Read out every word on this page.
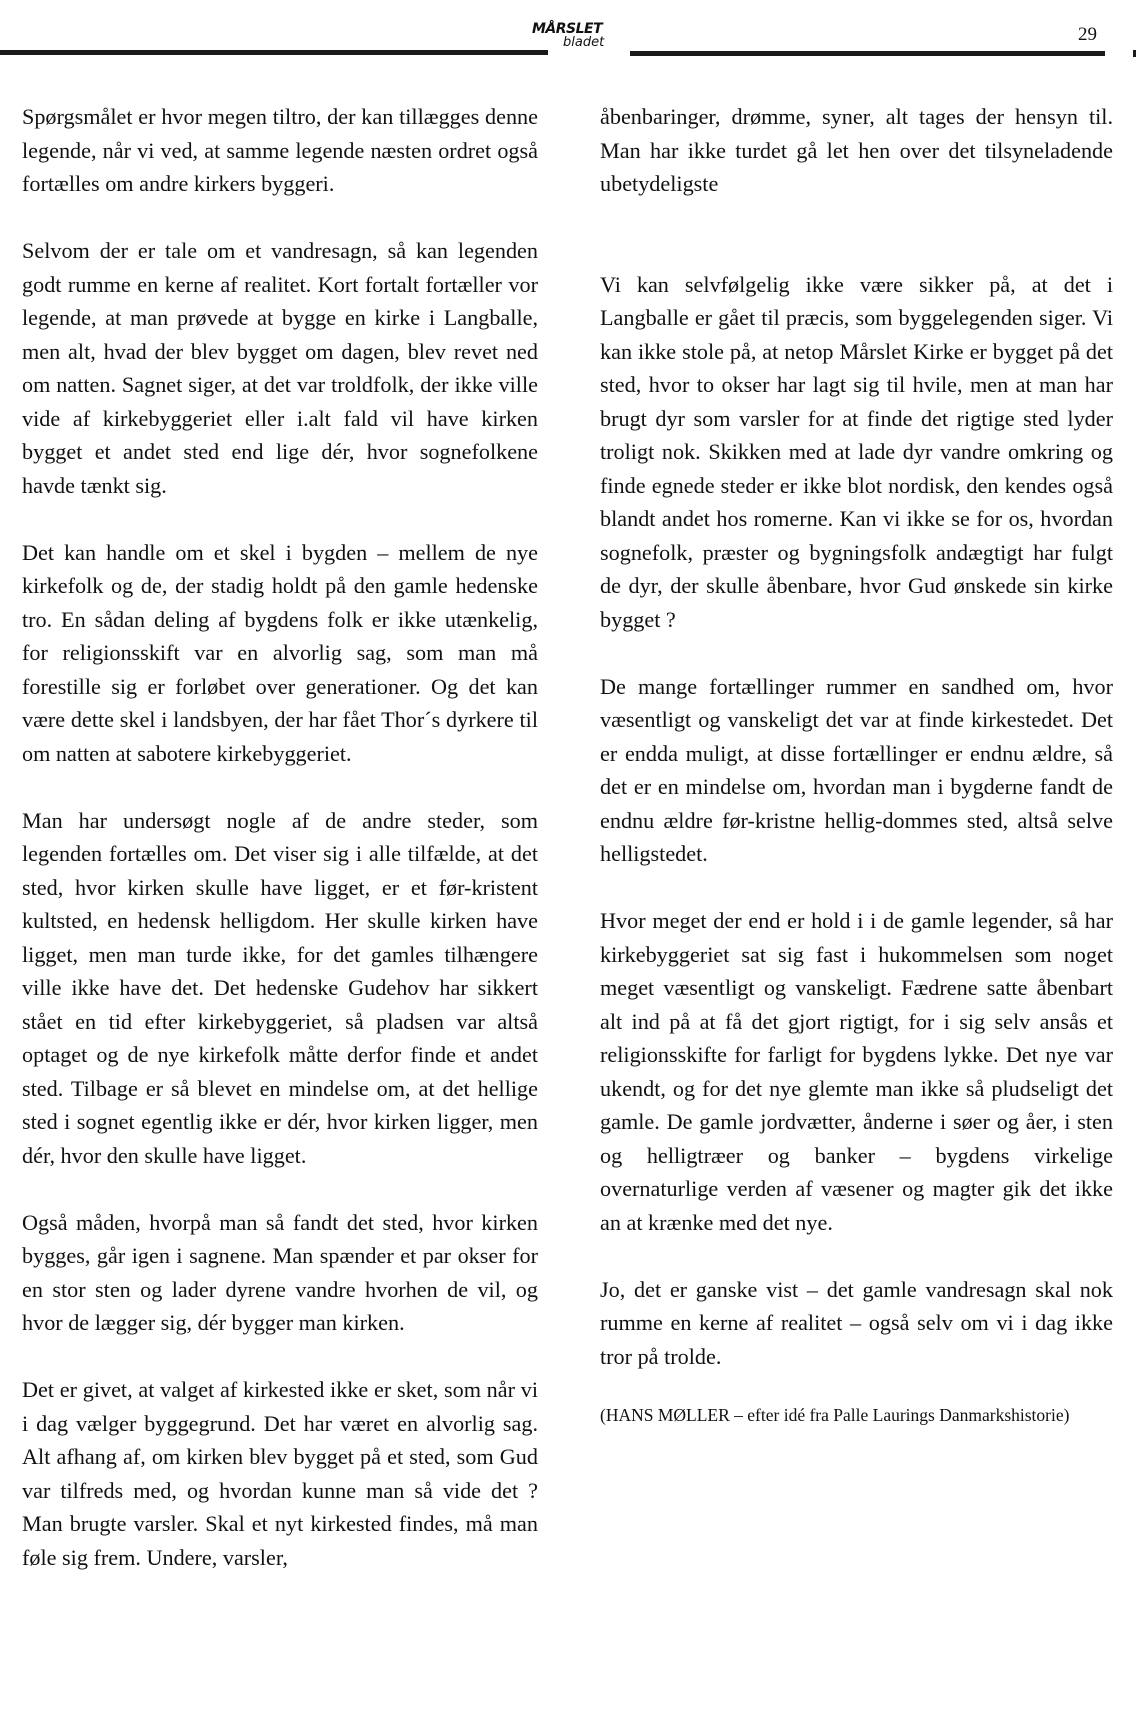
MÅRSLET
bladet	29

Spørgsmålet er hvor megen tiltro, der kan tillægges denne legende, når vi ved, at samme legende næsten ordret også fortælles om andre kirkers byggeri.

Selvom der er tale om et vandresagn, så kan legenden godt rumme en kerne af realitet. Kort fortalt fortæller vor legende, at man prøvede at bygge en kirke i Langballe, men alt, hvad der blev bygget om dagen, blev revet ned om natten. Sagnet siger, at det var troldfolk, der ikke ville vide af kirkebyggeriet eller i.alt fald vil have kirken bygget et andet sted end lige dér, hvor sognefolkene havde tænkt sig.

Det kan handle om et skel i bygden – mellem de nye kirkefolk og de, der stadig holdt på den gamle hedenske tro. En sådan deling af bygdens folk er ikke utænkelig, for religionsskift var en alvorlig sag, som man må forestille sig er forløbet over generationer. Og det kan være dette skel i landsbyen, der har fået Thor´s dyrkere til om natten at sabotere kirkebyggeriet.

Man har undersøgt nogle af de andre steder, som legenden fortælles om. Det viser sig i alle tilfælde, at det sted, hvor kirken skulle have ligget, er et før-kristent kultsted, en hedensk helligdom. Her skulle kirken have ligget, men man turde ikke, for det gamles tilhængere ville ikke have det. Det hedenske Gudehov har sikkert stået en tid efter kirkebyggeriet, så pladsen var altså optaget og de nye kirkefolk måtte derfor finde et andet sted. Tilbage er så blevet en mindelse om, at det hellige sted i sognet egentlig ikke er dér, hvor kirken ligger, men dér, hvor den skulle have ligget.

Også måden, hvorpå man så fandt det sted, hvor kirken bygges, går igen i sagnene. Man spænder et par okser for en stor sten og lader dyrene vandre hvorhen de vil, og hvor de lægger sig, dér bygger man kirken.

Det er givet, at valget af kirkested ikke er sket, som når vi i dag vælger byggegrund. Det har været en alvorlig sag. Alt afhang af, om kirken blev bygget på et sted, som Gud var tilfreds med, og hvordan kunne man så vide det ? Man brugte varsler. Skal et nyt kirkested findes, må man føle sig frem. Undere, varsler,

åbenbaringer, drømme, syner, alt tages der hensyn til. Man har ikke turdet gå let hen over det tilsyneladende ubetydeligste

Vi kan selvfølgelig ikke være sikker på, at det i Langballe er gået til præcis, som byggelegenden siger. Vi kan ikke stole på, at netop Mårslet Kirke er bygget på det sted, hvor to okser har lagt sig til hvile, men at man har brugt dyr som varsler for at finde det rigtige sted lyder troligt nok. Skikken med at lade dyr vandre omkring og finde egnede steder er ikke blot nordisk, den kendes også blandt andet hos romerne. Kan vi ikke se for os, hvordan sognefolk, præster og bygningsfolk andægtigt har fulgt de dyr, der skulle åbenbare, hvor Gud ønskede sin kirke bygget ?

De mange fortællinger rummer en sandhed om, hvor væsentligt og vanskeligt det var at finde kirkestedet. Det er endda muligt, at disse fortællinger er endnu ældre, så det er en mindelse om, hvordan man i bygderne fandt de endnu ældre før-kristne hellig-dommes sted, altså selve helligstedet.

Hvor meget der end er hold i i de gamle legender, så har kirkebyggeriet sat sig fast i hukommelsen som noget meget væsentligt og vanskeligt. Fædrene satte åbenbart alt ind på at få det gjort rigtigt, for i sig selv ansås et religionsskifte for farligt for bygdens lykke. Det nye var ukendt, og for det nye glemte man ikke så pludseligt det gamle. De gamle jordvætter, ånderne i søer og åer, i sten og helligtræer og banker – bygdens virkelige overnaturlige verden af væsener og magter gik det ikke an at krænke med det nye.

Jo, det er ganske vist – det gamle vandresagn skal nok rumme en kerne af realitet – også selv om vi i dag ikke tror på trolde.

(HANS MØLLER – efter idé fra Palle Laurings Danmarkshistorie)
